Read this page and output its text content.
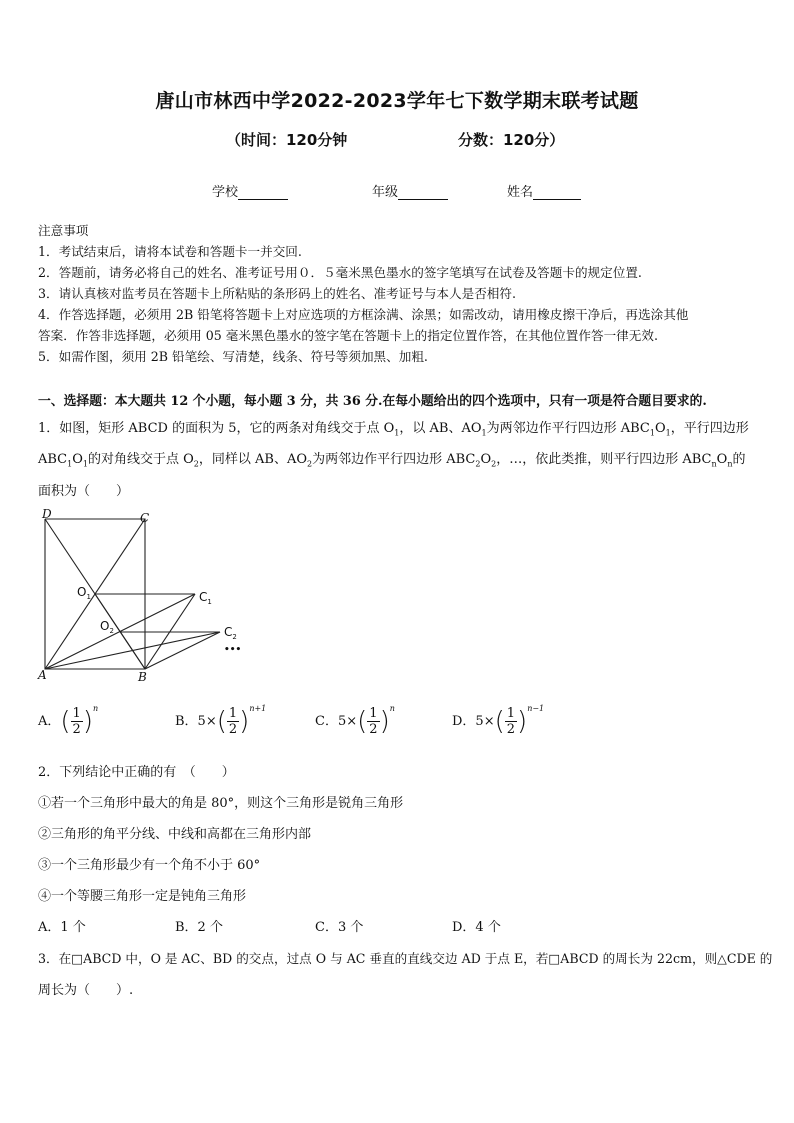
唐山市林西中学2022-2023学年七下数学期末联考试题
（时间：120分钟	分数：120分）
学校	年级	姓名
注意事项
1．考试结束后，请将本试卷和答题卡一并交回.
2．答题前，请务必将自己的姓名、准考证号用０．５毫米黑色墨水的签字笔填写在试卷及答题卡的规定位置.
3．请认真核对监考员在答题卡上所粘贴的条形码上的姓名、准考证号与本人是否相符.
4．作答选择题，必须用 2B 铅笔将答题卡上对应选项的方框涂满、涂黑；如需改动，请用橡皮擦干净后，再选涂其他
答案．作答非选择题，必须用 05 毫米黑色墨水的签字笔在答题卡上的指定位置作答，在其他位置作答一律无效.
5．如需作图，须用 2B 铅笔绘、写清楚，线条、符号等须加黑、加粗.
一、选择题：本大题共 12 个小题，每小题 3 分，共 36 分.在每小题给出的四个选项中，只有一项是符合题目要求的.
1．如图，矩形 ABCD 的面积为 5，它的两条对角线交于点 $O_1$，以 AB、$AO_1$为两邻边作平行四边形 $ABC_1O_1$，平行四边形
$ABC_1O_1$的对角线交于点 $O_2$，同样以 AB、$AO_2$为两邻边作平行四边形 $ABC_2O_2$，…，依此类推，则平行四边形 $ABC_nO_n$的
面积为（　　）
D	C
A	B
$O_1$	$C_1$
$O_2$	$C_2$
•••
A．( $\frac{1}{2} )^n$
B．$5\times( \frac{1}{2} )^{n+1}$
C．$5\times( \frac{1}{2} )^n$
D．$5\times( \frac{1}{2} )^{n-1}$
2．下列结论中正确的有　（　　）
①若一个三角形中最大的角是 80°，则这个三角形是锐角三角形
②三角形的角平分线、中线和高都在三角形内部
③一个三角形最少有一个角不小于 60°
④一个等腰三角形一定是钝角三角形
A．1 个	B．2 个	C．3 个	D．4 个
3．在□ABCD 中，O 是 AC、BD 的交点，过点 O 与 AC 垂直的直线交边 AD 于点 E，若□ABCD 的周长为 22cm，则△CDE 的
周长为（　　）.
